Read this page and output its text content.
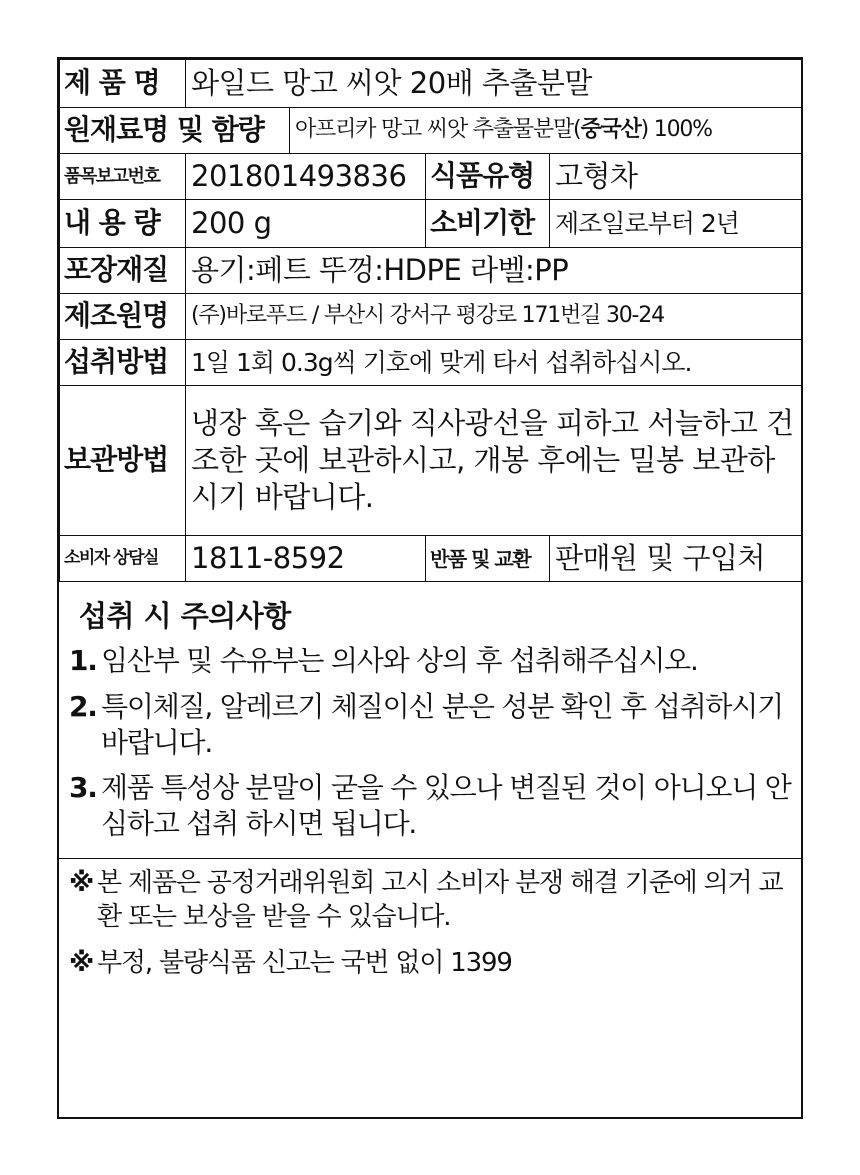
제 품 명	와일드 망고 씨앗 20배 추출분말			
원재료명 및 함량		아프리카 망고 씨앗 추출물분말(중국산) 100%		
품목보고번호	201801493836		식품유형	고형차
내 용 량	200 g		소비기한	제조일로부터 2년
포장재질	용기:페트 뚜껑:HDPE 라벨:PP			
제조원명	(주)바로푸드 / 부산시 강서구 평강로 171번길 30-24			
섭취방법	1일 1회 0.3g씩 기호에 맞게 타서 섭취하십시오.			
보관방법	냉장 혹은 습기와 직사광선을 피하고 서늘하고 건조한 곳에 보관하시고, 개봉 후에는 밀봉 보관하시기 바랍니다.			
소비자 상담실	1811-8592		반품 및 교환	판매원 및 구입처
섭취 시 주의사항
1. 임산부 및 수유부는 의사와 상의 후 섭취해주십시오.
2. 특이체질, 알레르기 체질이신 분은 성분 확인 후 섭취하시기 바랍니다.
3. 제품 특성상 분말이 굳을 수 있으나 변질된 것이 아니오니 안심하고 섭취 하시면 됩니다.

※ 본 제품은 공정거래위원회 고시 소비자 분쟁 해결 기준에 의거 교환 또는 보상을 받을 수 있습니다.

※ 부정, 불량식품 신고는 국번 없이 1399
